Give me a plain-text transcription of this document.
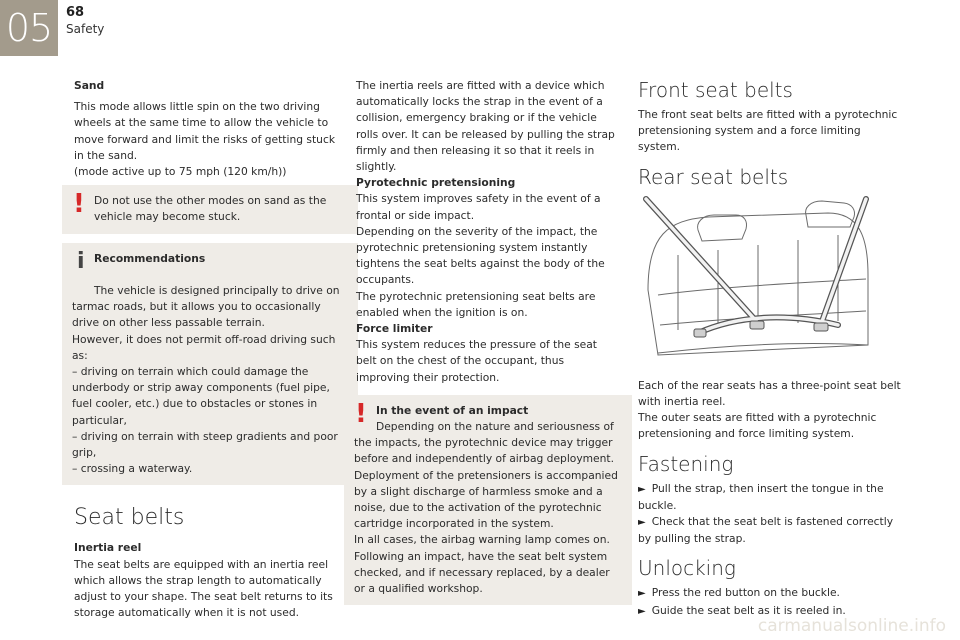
05	68
Safety

Sand

This mode allows little spin on the two driving wheels at the same time to allow the vehicle to move forward and limit the risks of getting stuck in the sand.

(mode active up to 75 mph (120 km/h))

! Do not use the other modes on sand as the vehicle may become stuck.

i Recommendations

The vehicle is designed principally to drive on tarmac roads, but it allows you to occasionally drive on other less passable terrain.

However, it does not permit off-road driving such as:

– driving on terrain which could damage the underbody or strip away components (fuel pipe, fuel cooler, etc.) due to obstacles or stones in particular,

– driving on terrain with steep gradients and poor grip,

– crossing a waterway.

Seat belts

Inertia reel

The seat belts are equipped with an inertia reel which allows the strap length to automatically adjust to your shape. The seat belt returns to its storage automatically when it is not used.

The inertia reels are fitted with a device which automatically locks the strap in the event of a collision, emergency braking or if the vehicle rolls over. It can be released by pulling the strap firmly and then releasing it so that it reels in slightly.

Pyrotechnic pretensioning

This system improves safety in the event of a frontal or side impact.

Depending on the severity of the impact, the pyrotechnic pretensioning system instantly tightens the seat belts against the body of the occupants.

The pyrotechnic pretensioning seat belts are enabled when the ignition is on.

Force limiter

This system reduces the pressure of the seat belt on the chest of the occupant, thus improving their protection.

! In the event of an impact

Depending on the nature and seriousness of the impacts, the pyrotechnic device may trigger before and independently of airbag deployment. Deployment of the pretensioners is accompanied by a slight discharge of harmless smoke and a noise, due to the activation of the pyrotechnic cartridge incorporated in the system.

In all cases, the airbag warning lamp comes on.

Following an impact, have the seat belt system checked, and if necessary replaced, by a dealer or a qualified workshop.

Front seat belts

The front seat belts are fitted with a pyrotechnic pretensioning system and a force limiting system.

Rear seat belts

Each of the rear seats has a three-point seat belt with inertia reel.

The outer seats are fitted with a pyrotechnic pretensioning and force limiting system.

Fastening

► Pull the strap, then insert the tongue in the buckle.

► Check that the seat belt is fastened correctly by pulling the strap.

Unlocking

► Press the red button on the buckle.

► Guide the seat belt as it is reeled in.

carmanualsonline.info
